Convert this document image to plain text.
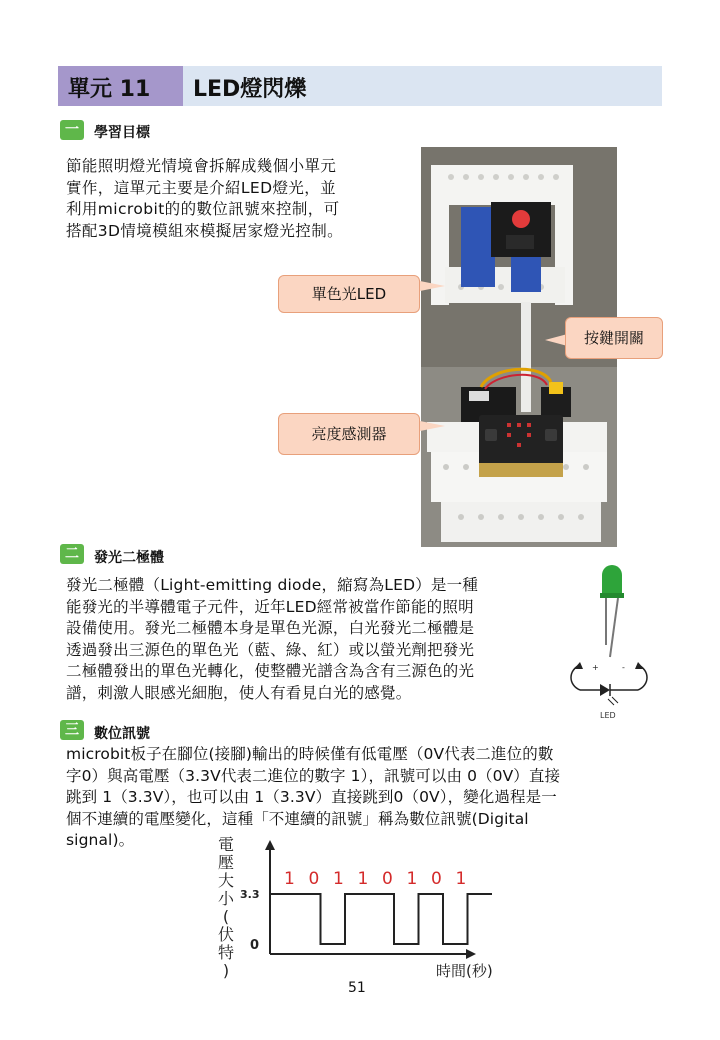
單元 11 LED燈閃爍
一	學習目標
節能照明燈光情境會拆解成幾個小單元
實作，這單元主要是介紹LED燈光，並
利用microbit的的數位訊號來控制，可
搭配3D情境模組來模擬居家燈光控制。
單色光LED
按鍵開關
亮度感測器
二	發光二極體
發光二極體（Light-emitting diode，縮寫為LED）是一種
能發光的半導體電子元件，近年LED經常被當作節能的照明
設備使用。發光二極體本身是單色光源，白光發光二極體是
透過發出三源色的單色光（藍、綠、紅）或以螢光劑把發光
二極體發出的單色光轉化，使整體光譜含為含有三源色的光
譜，刺激人眼感光細胞，使人有看見白光的感覺。
+	-
LED
三	數位訊號
microbit板子在腳位(接腳)輸出的時候僅有低電壓（0V代表二進位的數
字0）與高電壓（3.3V代表二進位的數字 1），訊號可以由 0（0V）直接
跳到 1（3.3V），也可以由 1（3.3V）直接跳到0（0V），變化過程是一
個不連續的電壓變化，這種「不連續的訊號」稱為數位訊號(Digital
signal)。	電
壓
大
小
(
伏
特
)
3.3
0
1 0 1 1 0 1 0 1
時間(秒)
51
